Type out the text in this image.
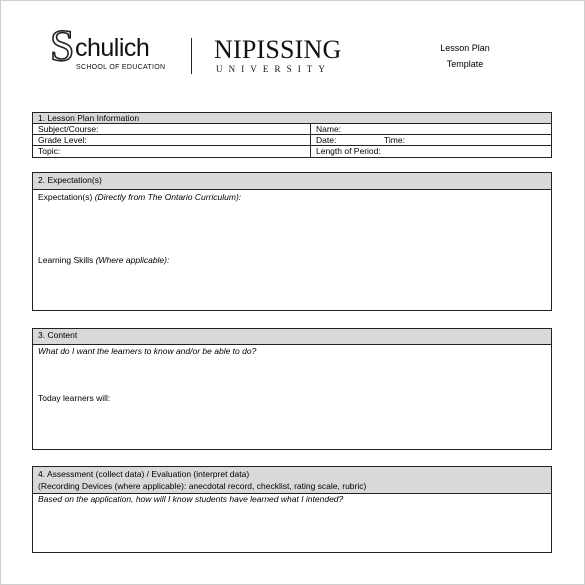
S chulich
SCHOOL OF EDUCATION
NIPISSING
UNIVERSITY
Lesson Plan
Template
1. Lesson Plan Information
Subject/Course:	Name:
Grade Level:	Date:	Time:
Topic:	Length of Period:
2. Expectation(s)
Expectation(s) (Directly from The Ontario Curriculum):
Learning Skills (Where applicable):
3. Content
What do I want the learners to know and/or be able to do?
Today learners will:
4. Assessment (collect data) / Evaluation (interpret data)
(Recording Devices (where applicable): anecdotal record, checklist, rating scale, rubric)
Based on the application, how will I know students have learned what I intended?
